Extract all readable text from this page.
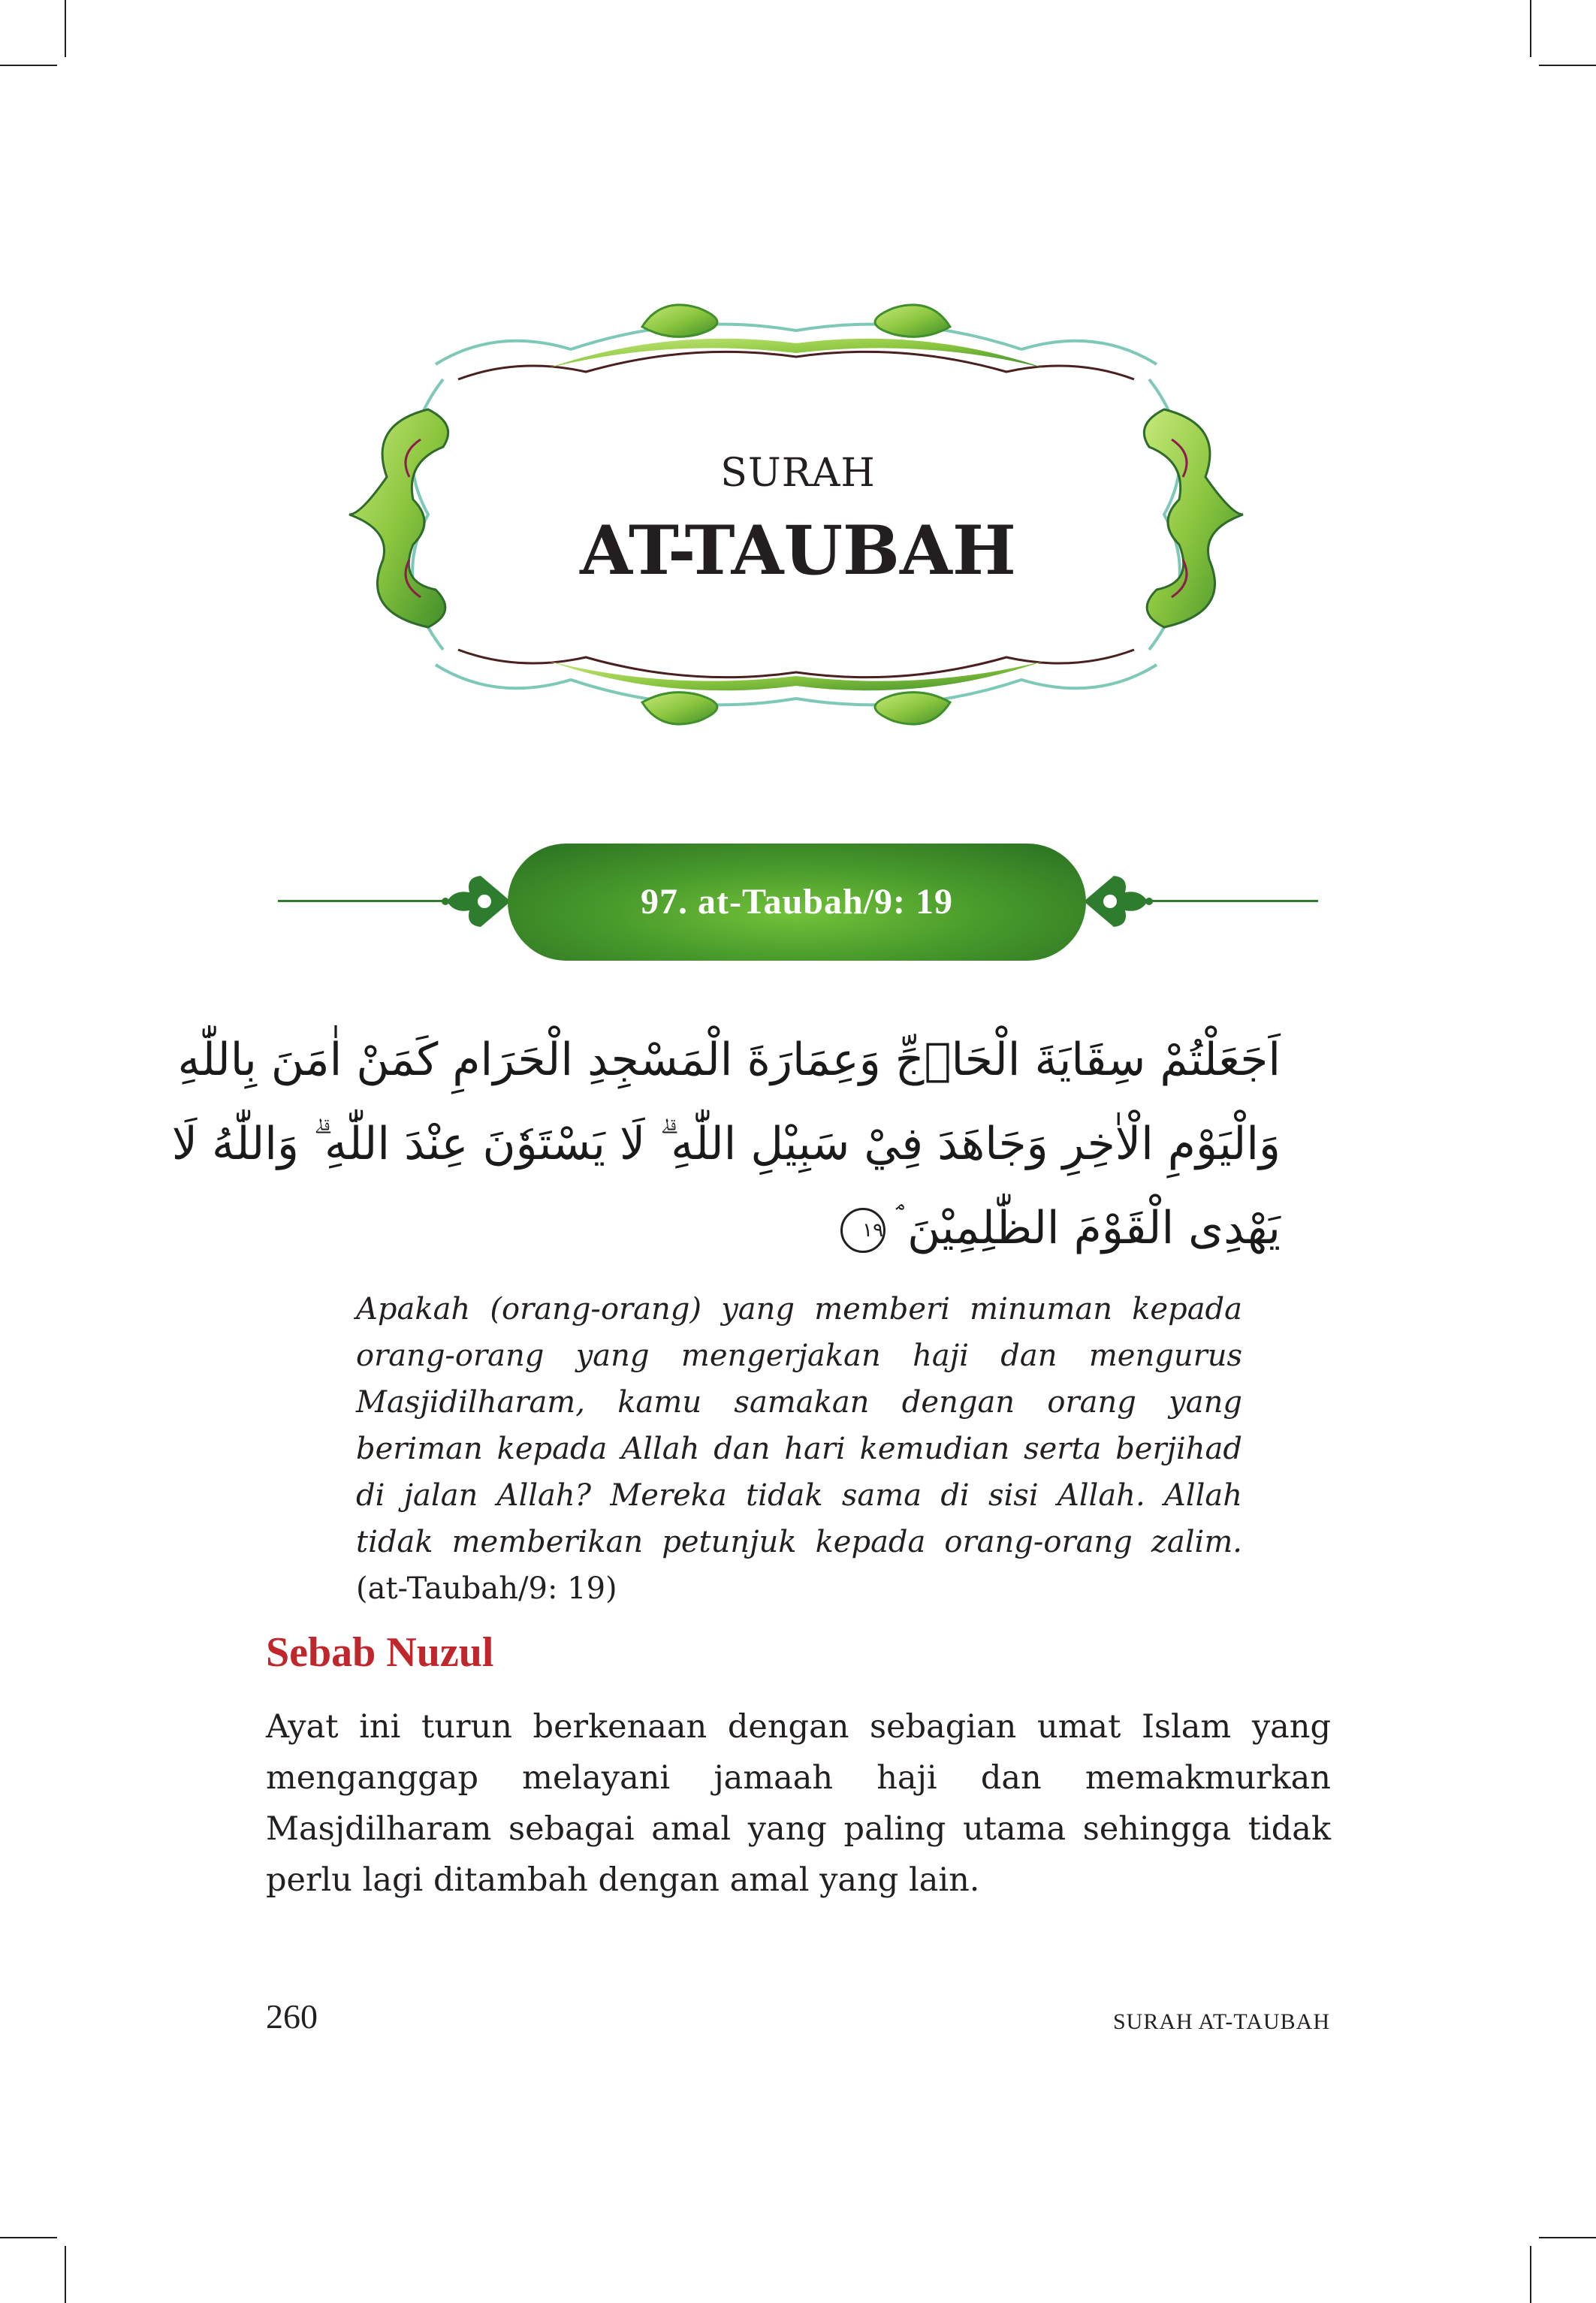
SURAH
AT-TAUBAH
97. at-Taubah/9: 19
اَجَعَلْتُمْ سِقَايَةَ الْحَاۤجِّ وَعِمَارَةَ الْمَسْجِدِ الْحَرَامِ كَمَنْ اٰمَنَ بِاللّٰهِ
وَالْيَوْمِ الْاٰخِرِ وَجَاهَدَ فِيْ سَبِيْلِ اللّٰهِ ۗ لَا يَسْتَوٗنَ عِنْدَ اللّٰهِ ۗ وَاللّٰهُ لَا
يَهْدِى الْقَوْمَ الظّٰلِمِيْنَ ۘ١٩
Apakah (orang-orang) yang memberi minuman kepada orang-orang yang mengerjakan haji dan mengurus Masjidilharam, kamu samakan dengan orang yang beriman kepada Allah dan hari kemudian serta berjihad di jalan Allah? Mereka tidak sama di sisi Allah. Allah tidak memberikan petunjuk kepada orang-orang zalim. (at-Taubah/9: 19)
Sebab Nuzul
Ayat ini turun berkenaan dengan sebagian umat Islam yang menganggap melayani jamaah haji dan memakmurkan Masjdilharam sebagai amal yang paling utama sehingga tidak perlu lagi ditambah dengan amal yang lain.
260	SURAH AT-TAUBAH
